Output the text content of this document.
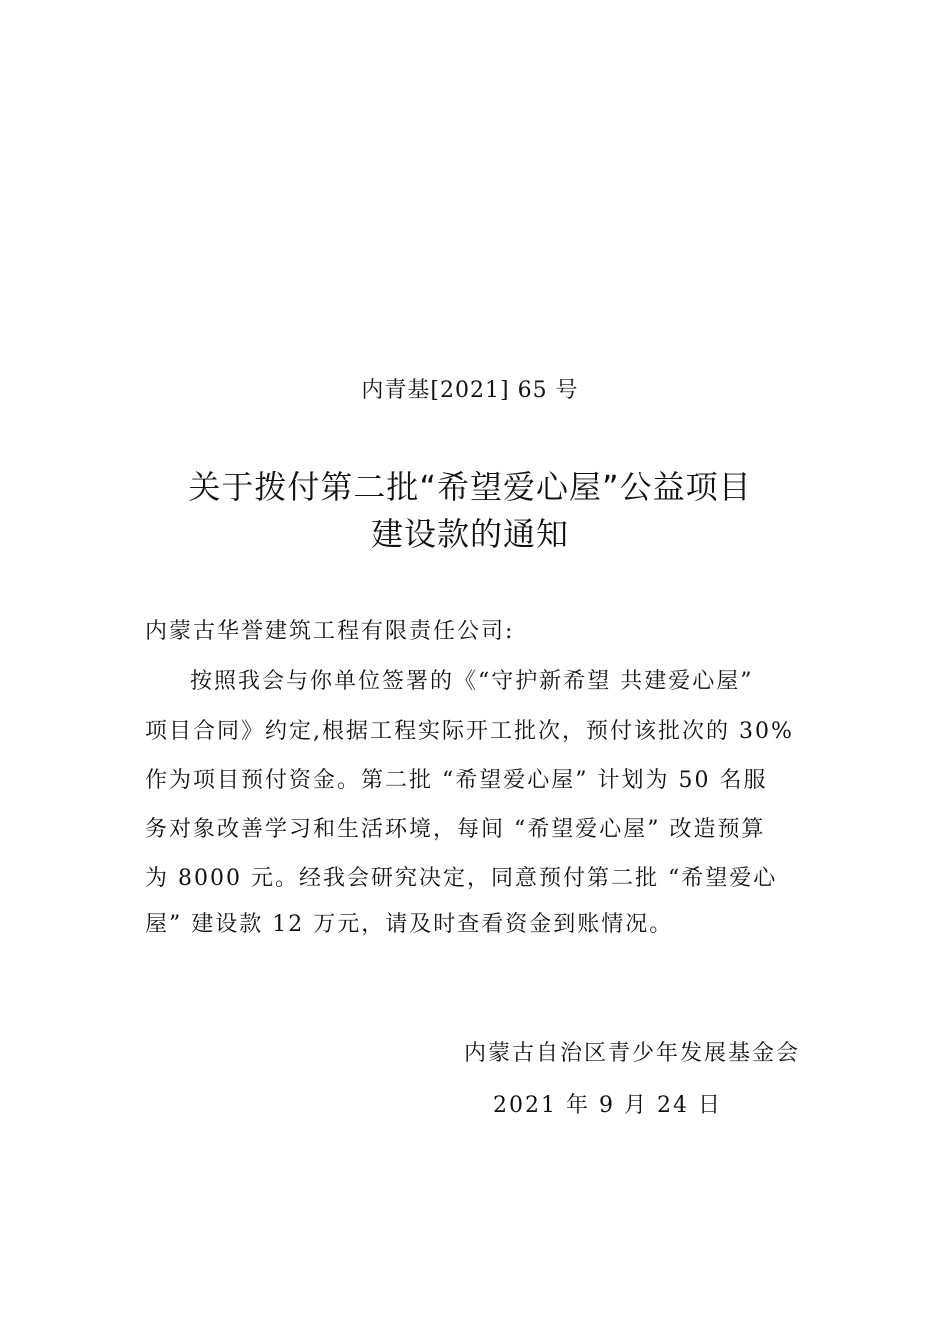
内青基[2021] 65 号
关于拨付第二批“希望爱心屋”公益项目
建设款的通知
内蒙古华誉建筑工程有限责任公司:
按照我会与你单位签署的《“守护新希望 共建爱心屋”
项目合同》约定,根据工程实际开工批次，预付该批次的 30%
作为项目预付资金。第二批 “希望爱心屋” 计划为 50 名服
务对象改善学习和生活环境，每间 “希望爱心屋” 改造预算
为 8000 元。经我会研究决定，同意预付第二批 “希望爱心
屋” 建设款 12 万元，请及时查看资金到账情况。
内蒙古自治区青少年发展基金会
2021 年 9 月 24 日
